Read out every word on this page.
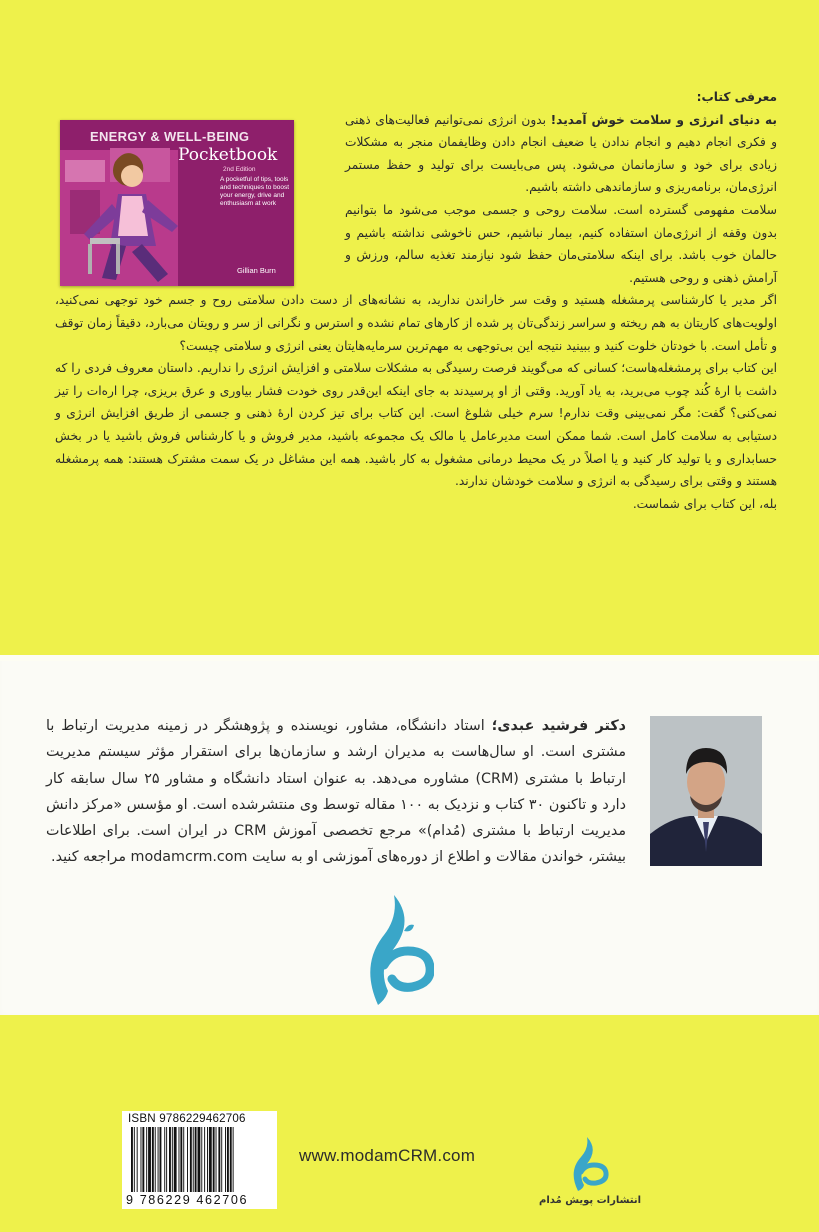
ENERGY & WELL-BEING
Pocketbook
2nd Edition
A pocketful of tips, tools and techniques to boost your energy, drive and enthusiasm at work
Gillian Burn

معرفی کتاب:

به دنیای انرژی و سلامت خوش آمدید! بدون انرژی نمی‌توانیم فعالیت‌های ذهنی و فکری انجام دهیم و انجام ندادن یا ضعیف انجام دادن وظایفمان منجر به مشکلات زیادی برای خود و سازمانمان می‌شود. پس می‌بایست برای تولید و حفظ مستمر انرژی‌مان، برنامه‌ریزی و سازماندهی داشته باشیم.

سلامت مفهومی گسترده است. سلامت روحی و جسمی موجب می‌شود ما بتوانیم بدون وقفه از انرژی‌مان استفاده کنیم، بیمار نباشیم، حس ناخوشی نداشته باشیم و حالمان خوب باشد. برای اینکه سلامتی‌مان حفظ شود نیازمند تغذیه سالم، ورزش و آرامش ذهنی و روحی هستیم.

اگر مدیر یا کارشناسی پرمشغله هستید و وقت سر خاراندن ندارید، به نشانه‌های از دست دادن سلامتی روح و جسم خود توجهی نمی‌کنید، اولویت‌های کاریتان به هم ریخته و سراسر زندگی‌تان پر شده از کارهای تمام نشده و استرس و نگرانی از سر و رویتان می‌بارد، دقیقاً زمان توقف و تأمل است. با خودتان خلوت کنید و ببینید نتیجه این بی‌توجهی به مهم‌ترین سرمایه‌هایتان یعنی انرژی و سلامتی چیست؟

این کتاب برای پرمشغله‌هاست؛ کسانی که می‌گویند فرصت رسیدگی به مشکلات سلامتی و افزایش انرژی را نداریم. داستان معروف فردی را که داشت با ارهٔ کُند چوب می‌برید، به یاد آورید. وقتی از او پرسیدند به جای اینکه این‌قدر روی خودت فشار بیاوری و عرق بریزی، چرا اره‌ات را تیز نمی‌کنی؟ گفت: مگر نمی‌بینی وقت ندارم! سرم خیلی شلوغ است. این کتاب برای تیز کردن ارهٔ ذهنی و جسمی از طریق افزایش انرژی و دستیابی به سلامت کامل است. شما ممکن است مدیرعامل یا مالک یک مجموعه باشید، مدیر فروش و یا کارشناس فروش باشید یا در بخش حسابداری و یا تولید کار کنید و یا اصلاً در یک محیط درمانی مشغول به کار باشید. همه این مشاغل در یک سمت مشترک هستند: همه پرمشغله هستند و وقتی برای رسیدگی به انرژی و سلامت خودشان ندارند.

بله، این کتاب برای شماست.

دکتر فرشید عبدی؛ استاد دانشگاه، مشاور، نویسنده و پژوهشگر در زمینه مدیریت ارتباط با مشتری است. او سال‌هاست به مدیران ارشد و سازمان‌ها برای استقرار مؤثر سیستم مدیریت ارتباط با مشتری (CRM) مشاوره می‌دهد. به عنوان استاد دانشگاه و مشاور ۲۵ سال سابقه کار دارد و تاکنون ۳۰ کتاب و نزدیک به ۱۰۰ مقاله توسط وی منتشرشده است. او مؤسس «مرکز دانش مدیریت ارتباط با مشتری (مُدام)» مرجع تخصصی آموزش CRM در ایران است. برای اطلاعات بیشتر، خواندن مقالات و اطلاع از دوره‌های آموزشی او به سایت modamcrm.com مراجعه کنید.

ISBN 9786229462706
9 786229 462706
www.modamCRM.com
انتشارات پویش مُدام
